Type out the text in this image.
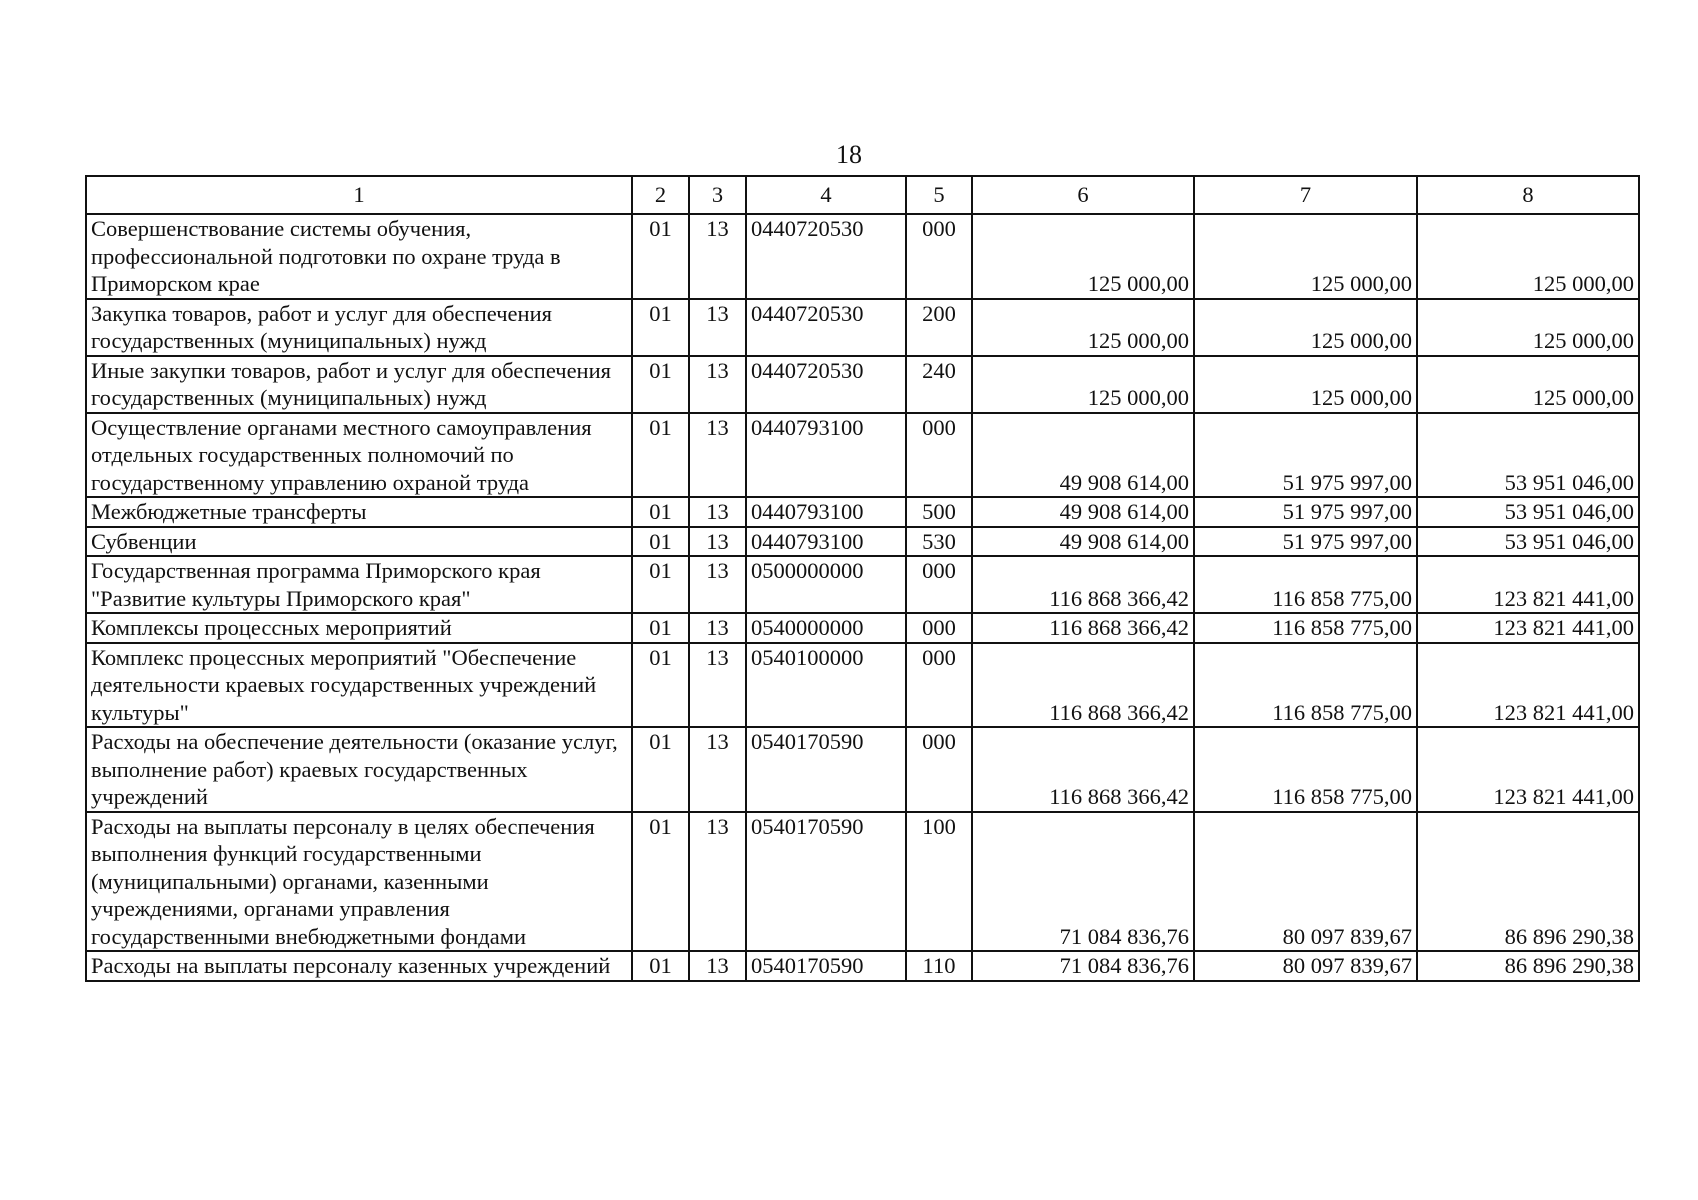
18
1	2	3	4	5	6	7	8
Совершенствование системы обучения, профессиональной подготовки по охране труда в Приморском крае	01	13	0440720530	000	125 000,00	125 000,00	125 000,00
Закупка товаров, работ и услуг для обеспечения государственных (муниципальных) нужд	01	13	0440720530	200	125 000,00	125 000,00	125 000,00
Иные закупки товаров, работ и услуг для обеспечения государственных (муниципальных) нужд	01	13	0440720530	240	125 000,00	125 000,00	125 000,00
Осуществление органами местного самоуправления отдельных государственных полномочий по государственному управлению охраной труда	01	13	0440793100	000	49 908 614,00	51 975 997,00	53 951 046,00
Межбюджетные трансферты	01	13	0440793100	500	49 908 614,00	51 975 997,00	53 951 046,00
Субвенции	01	13	0440793100	530	49 908 614,00	51 975 997,00	53 951 046,00
Государственная программа Приморского края "Развитие культуры Приморского края"	01	13	0500000000	000	116 868 366,42	116 858 775,00	123 821 441,00
Комплексы процессных мероприятий	01	13	0540000000	000	116 868 366,42	116 858 775,00	123 821 441,00
Комплекс процессных мероприятий "Обеспечение деятельности краевых государственных учреждений культуры"	01	13	0540100000	000	116 868 366,42	116 858 775,00	123 821 441,00
Расходы на обеспечение деятельности (оказание услуг, выполнение работ) краевых государственных учреждений	01	13	0540170590	000	116 868 366,42	116 858 775,00	123 821 441,00
Расходы на выплаты персоналу в целях обеспечения выполнения функций государственными (муниципальными) органами, казенными учреждениями, органами управления государственными внебюджетными фондами	01	13	0540170590	100	71 084 836,76	80 097 839,67	86 896 290,38
Расходы на выплаты персоналу казенных учреждений	01	13	0540170590	110	71 084 836,76	80 097 839,67	86 896 290,38
